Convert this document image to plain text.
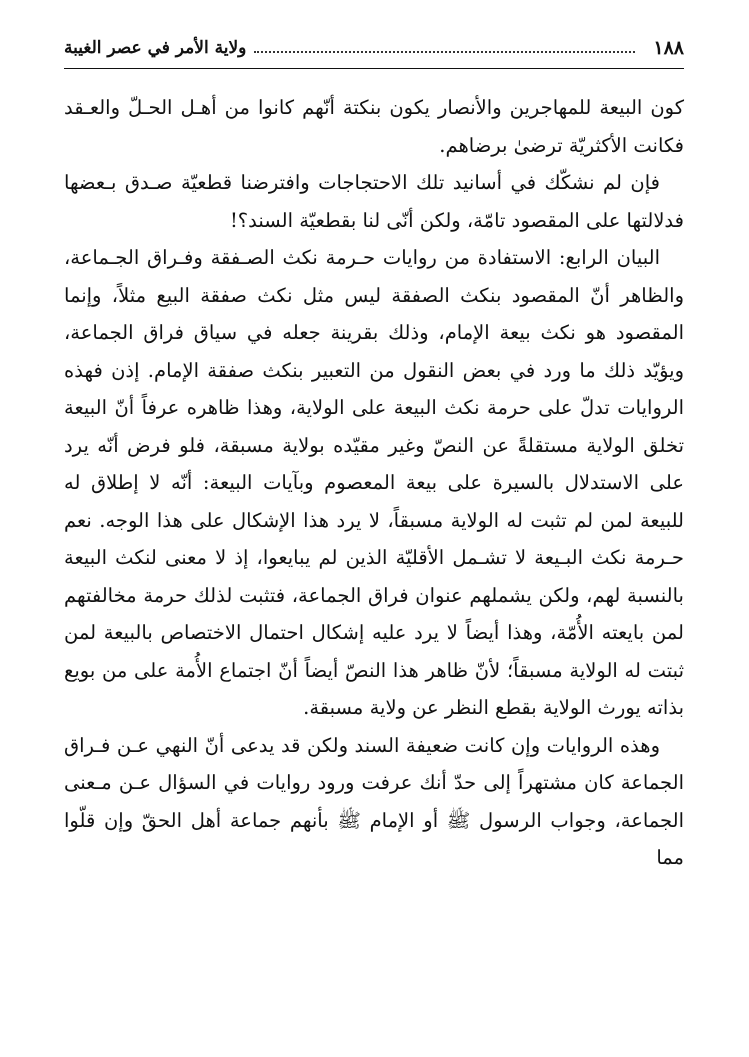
١٨٨
ولاية الأمر في عصر الغيبة

كون البيعة للمهاجرين والأنصار يكون بنكتة أنّهم كانوا من أهـل الحـلّ والعـقد فكانت الأكثريّة ترضىٰ برضاهم.

فإن لم نشكّك في أسانيد تلك الاحتجاجات وافترضنا قطعيّة صـدق بـعضها فدلالتها على المقصود تامّة، ولكن أنّى لنا بقطعيّة السند؟!

البيان الرابع: الاستفادة من روايات حـرمة نكث الصـفقة وفـراق الجـماعة، والظاهر أنّ المقصود بنكث الصفقة ليس مثل نكث صفقة البيع مثلاً، وإنما المقصود هو نكث بيعة الإمام، وذلك بقرينة جعله في سياق فراق الجماعة، ويؤيّد ذلك ما ورد في بعض النقول من التعبير بنكث صفقة الإمام. إذن فهذه الروايات تدلّ على حرمة نكث البيعة على الولاية، وهذا ظاهره عرفاً أنّ البيعة تخلق الولاية مستقلةً عن النصّ وغير مقيّده بولاية مسبقة، فلو فرض أنّه يرد على الاستدلال بالسيرة على بيعة المعصوم وبآيات البيعة: أنّه لا إطلاق له للبيعة لمن لم تثبت له الولاية مسبقاً، لا يرد هذا الإشكال على هذا الوجه. نعم حـرمة نكث البـيعة لا تشـمل الأقليّة الذين لم يبايعوا، إذ لا معنى لنكث البيعة بالنسبة لهم، ولكن يشملهم عنوان فراق الجماعة، فتثبت لذلك حرمة مخالفتهم لمن بايعته الأُمّة، وهذا أيضاً لا يرد عليه إشكال احتمال الاختصاص بالبيعة لمن ثبتت له الولاية مسبقاً؛ لأنّ ظاهر هذا النصّ أيضاً أنّ اجتماع الأُمة على من بويع بذاته يورث الولاية بقطع النظر عن ولاية مسبقة.

وهذه الروايات وإن كانت ضعيفة السند ولكن قد يدعى أنّ النهي عـن فـراق الجماعة كان مشتهراً إلى حدّ أنك عرفت ورود روايات في السؤال عـن مـعنى الجماعة، وجواب الرسول ﷺ أو الإمام ﷺ بأنهم جماعة أهل الحقّ وإن قلّوا مما
